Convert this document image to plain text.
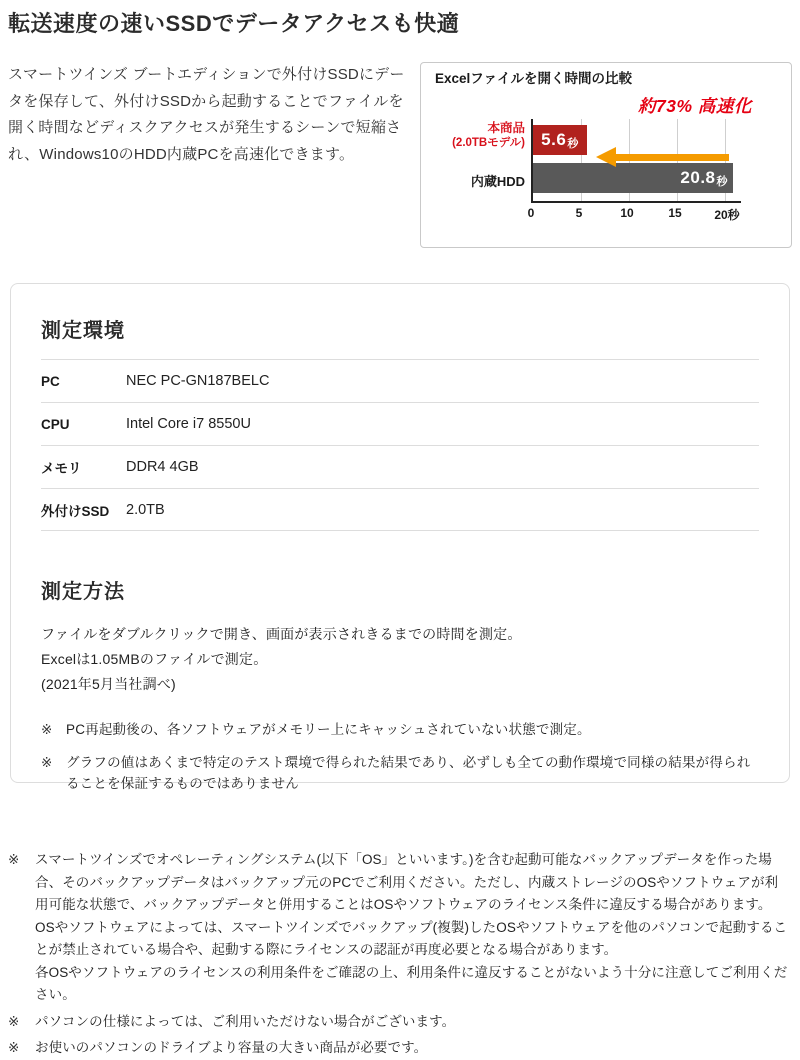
転送速度の速いSSDでデータアクセスも快適

スマートツインズ ブートエディションで外付けSSDにデータを保存して、外付けSSDから起動することでファイルを開く時間などディスクアクセスが発生するシーンで短縮され、Windows10のHDD内蔵PCを高速化できます。

Excelファイルを開く時間の比較
約73% 高速化
本商品
(2.0TBモデル)
内蔵HDD
5.6 秒
20.8 秒
0	5	10	15	20秒
測定環境
PC	NEC PC-GN187BELC
CPU	Intel Core i7 8550U
メモリ	DDR4 4GB
外付けSSD	2.0TB
測定方法
ファイルをダブルクリックで開き、画面が表示されきるまでの時間を測定。
Excelは1.05MBのファイルで測定。
(2021年5月当社調べ)
※	PC再起動後の、各ソフトウェアがメモリー上にキャッシュされていない状態で測定。
※	グラフの値はあくまで特定のテスト環境で得られた結果であり、必ずしも全ての動作環境で同様の結果が得られることを保証するものではありません
※	スマートツインズでオペレーティングシステム(以下「OS」といいます。)を含む起動可能なバックアップデータを作った場合、そのバックアップデータはバックアップ元のPCでご利用ください。ただし、内蔵ストレージのOSやソフトウェアが利用可能な状態で、バックアップデータと併用することはOSやソフトウェアのライセンス条件に違反する場合があります。
OSやソフトウェアによっては、スマートツインズでバックアップ(複製)したOSやソフトウェアを他のパソコンで起動することが禁止されている場合や、起動する際にライセンスの認証が再度必要となる場合があります。
各OSやソフトウェアのライセンスの利用条件をご確認の上、利用条件に違反することがないよう十分に注意してご利用ください。
※	パソコンの仕様によっては、ご利用いただけない場合がございます。
※	お使いのパソコンのドライブより容量の大きい商品が必要です。
